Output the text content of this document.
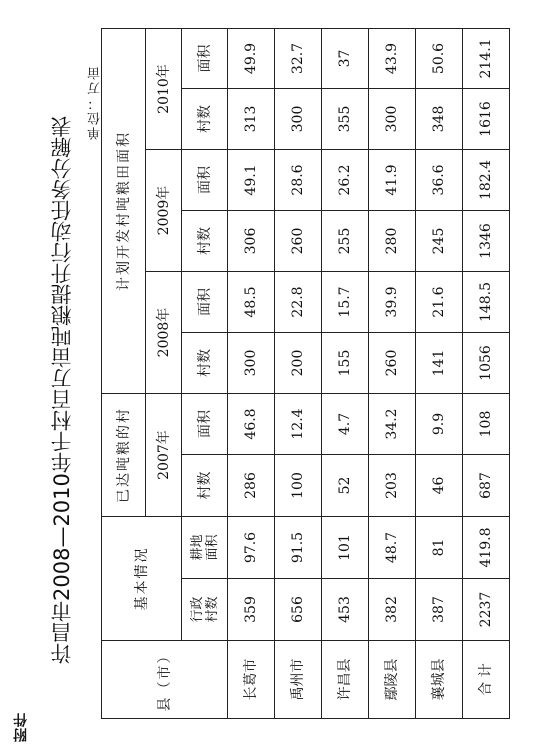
附件
许昌市2008—2010年千村百万亩吨粮提升行动任务分解表
单位：万亩
县（市）	基本情况		已达吨粮的村		计划开发村吨粮田面积					
			2007年		2008年		2009年		2010年	

	行政 村数	耕地 面积	村数	面积	村数	面积	村数	面积	村数	面积
长葛市	359	97.6	286	46.8	300	48.5	306	49.1	313	49.9
禹州市	656	91.5	100	12.4	200	22.8	260	28.6	300	32.7
许昌县	453	101	52	4.7	155	15.7	255	26.2	355	37
鄢陵县	382	48.7	203	34.2	260	39.9	280	41.9	300	43.9
襄城县	387	81	46	9.9	141	21.6	245	36.6	348	50.6
合 计	2237	419.8	687	108	1056	148.5	1346	182.4	1616	214.1
